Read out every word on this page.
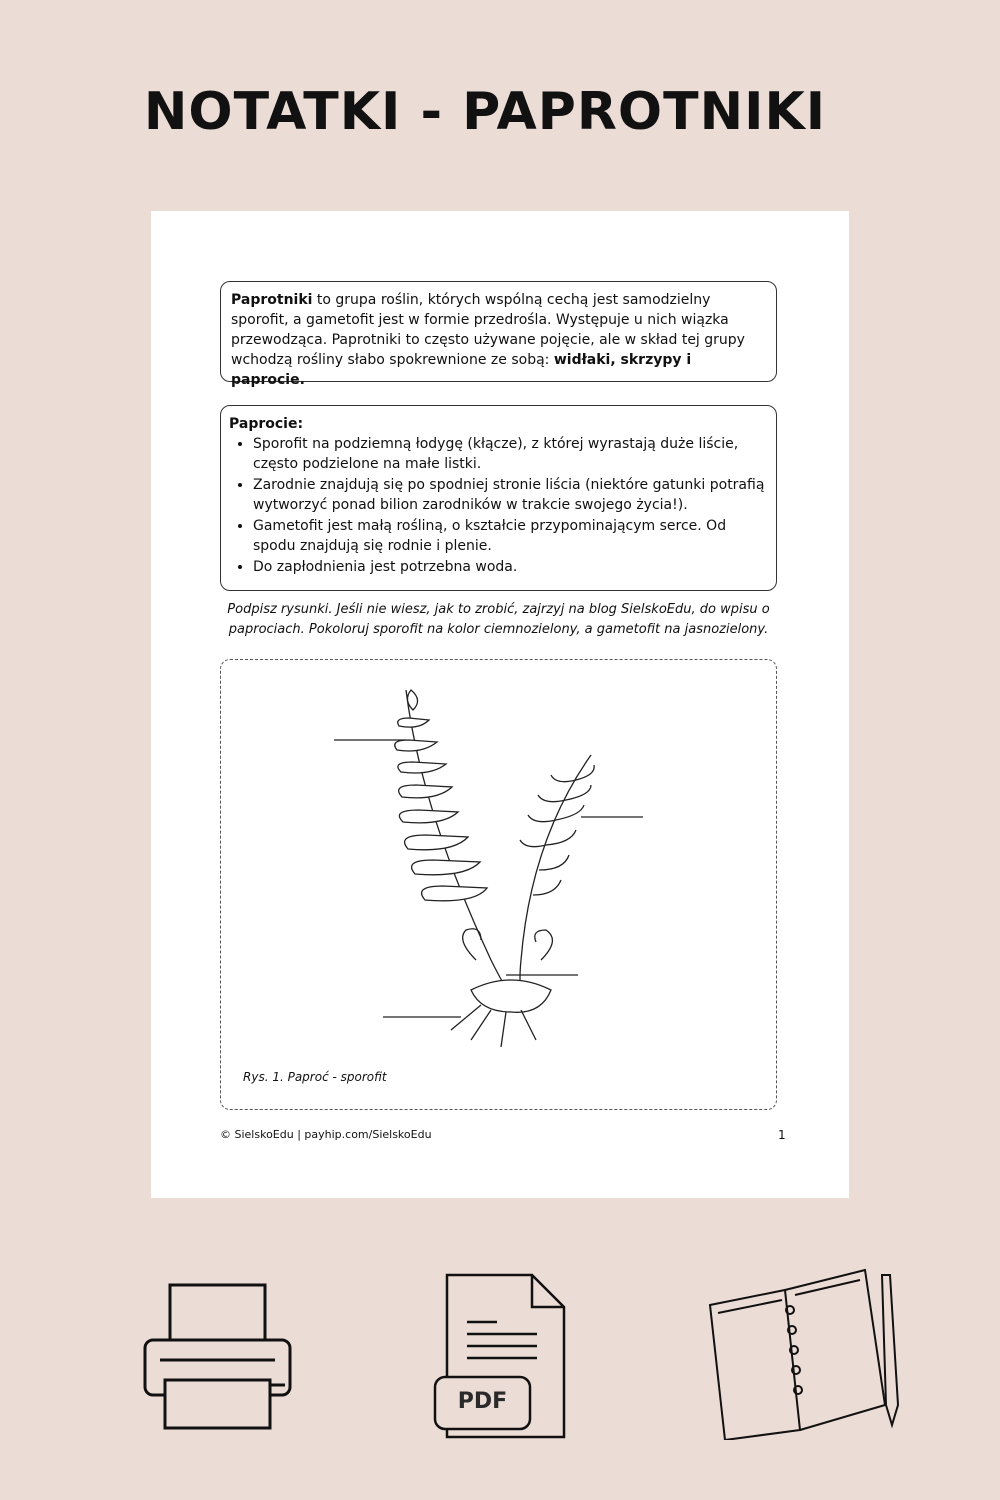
NOTATKI - PAPROTNIKI

Paprotniki to grupa roślin, których wspólną cechą jest samodzielny sporofit, a gametofit jest w formie przedrośla. Występuje u nich wiązka przewodząca. Paprotniki to często używane pojęcie, ale w skład tej grupy wchodzą rośliny słabo spokrewnione ze sobą: widłaki, skrzypy i paprocie.

Paprocie:
• Sporofit na podziemną łodygę (kłącze), z której wyrastają duże liście, często podzielone na małe listki.
• Zarodnie znajdują się po spodniej stronie liścia (niektóre gatunki potrafią wytworzyć ponad bilion zarodników w trakcie swojego życia!).
• Gametofit jest małą rośliną, o kształcie przypominającym serce. Od spodu znajdują się rodnie i plenie.
• Do zapłodnienia jest potrzebna woda.
Podpisz rysunki. Jeśli nie wiesz, jak to zrobić, zajrzyj na blog SielskoEdu, do wpisu o paprociach. Pokoloruj sporofit na kolor ciemnozielony, a gametofit na jasnozielony.
Rys. 1. Paproć - sporofit
© SielskoEdu | payhip.com/SielskoEdu	1
PDF
